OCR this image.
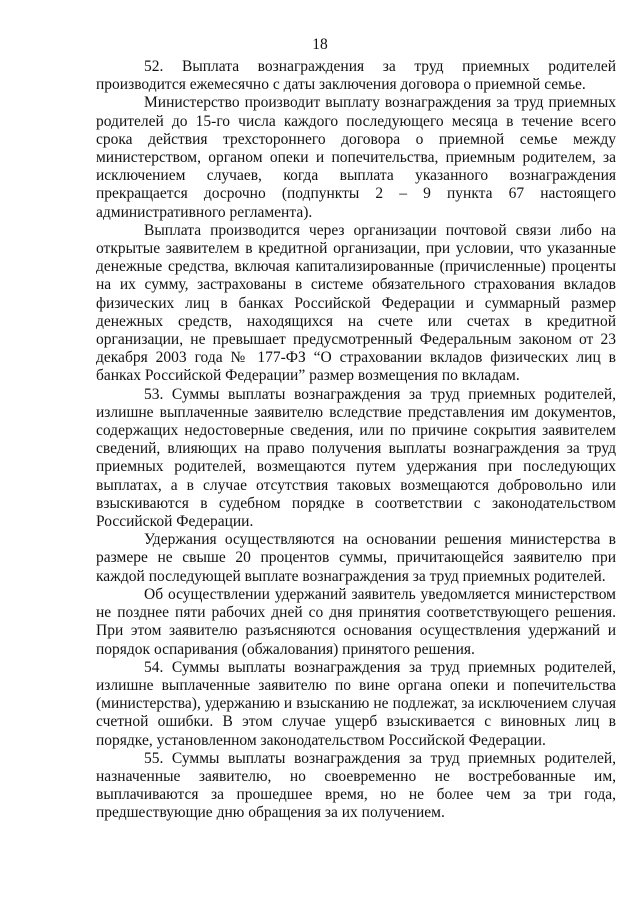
18

52. Выплата вознаграждения за труд приемных родителей производится ежемесячно с даты заключения договора о приемной семье.

Министерство производит выплату вознаграждения за труд приемных родителей до 15-го числа каждого последующего месяца в течение всего срока действия трехстороннего договора о приемной семье между министерством, органом опеки и попечительства, приемным родителем, за исключением случаев, когда выплата указанного вознаграждения прекращается досрочно (подпункты 2 – 9 пункта 67 настоящего административного регламента).

Выплата производится через организации почтовой связи либо на открытые заявителем в кредитной организации, при условии, что указанные денежные средства, включая капитализированные (причисленные) проценты на их сумму, застрахованы в системе обязательного страхования вкладов физических лиц в банках Российской Федерации и суммарный размер денежных средств, находящихся на счете или счетах в кредитной организации, не превышает предусмотренный Федеральным законом от 23 декабря 2003 года № 177-ФЗ “О страховании вкладов физических лиц в банках Российской Федерации” размер возмещения по вкладам.

53. Суммы выплаты вознаграждения за труд приемных родителей, излишне выплаченные заявителю вследствие представления им документов, содержащих недостоверные сведения, или по причине сокрытия заявителем сведений, влияющих на право получения выплаты вознаграждения за труд приемных родителей, возмещаются путем удержания при последующих выплатах, а в случае отсутствия таковых возмещаются добровольно или взыскиваются в судебном порядке в соответствии с законодательством Российской Федерации.

Удержания осуществляются на основании решения министерства в размере не свыше 20 процентов суммы, причитающейся заявителю при каждой последующей выплате вознаграждения за труд приемных родителей.

Об осуществлении удержаний заявитель уведомляется министерством не позднее пяти рабочих дней со дня принятия соответствующего решения. При этом заявителю разъясняются основания осуществления удержаний и порядок оспаривания (обжалования) принятого решения.

54. Суммы выплаты вознаграждения за труд приемных родителей, излишне выплаченные заявителю по вине органа опеки и попечительства (министерства), удержанию и взысканию не подлежат, за исключением случая счетной ошибки. В этом случае ущерб взыскивается с виновных лиц в порядке, установленном законодательством Российской Федерации.

55. Суммы выплаты вознаграждения за труд приемных родителей, назначенные заявителю, но своевременно не востребованные им, выплачиваются за прошедшее время, но не более чем за три года, предшествующие дню обращения за их получением.
